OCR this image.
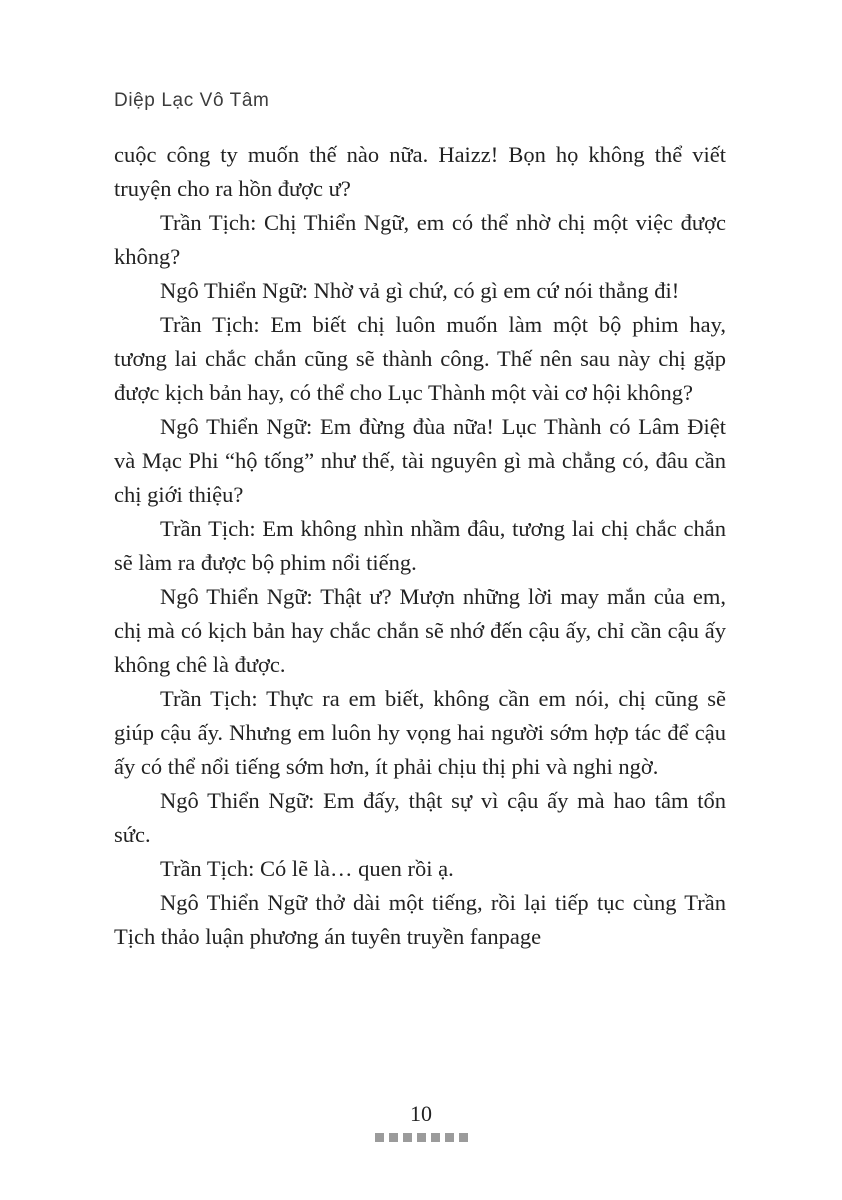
Diệp Lạc Vô Tâm

cuộc công ty muốn thế nào nữa. Haizz! Bọn họ không thể viết truyện cho ra hồn được ư?

Trần Tịch: Chị Thiển Ngữ, em có thể nhờ chị một việc được không?

Ngô Thiển Ngữ: Nhờ vả gì chứ, có gì em cứ nói thẳng đi!

Trần Tịch: Em biết chị luôn muốn làm một bộ phim hay, tương lai chắc chắn cũng sẽ thành công. Thế nên sau này chị gặp được kịch bản hay, có thể cho Lục Thành một vài cơ hội không?

Ngô Thiển Ngữ: Em đừng đùa nữa! Lục Thành có Lâm Điệt và Mạc Phi “hộ tống” như thế, tài nguyên gì mà chẳng có, đâu cần chị giới thiệu?

Trần Tịch: Em không nhìn nhầm đâu, tương lai chị chắc chắn sẽ làm ra được bộ phim nổi tiếng.

Ngô Thiển Ngữ: Thật ư? Mượn những lời may mắn của em, chị mà có kịch bản hay chắc chắn sẽ nhớ đến cậu ấy, chỉ cần cậu ấy không chê là được.

Trần Tịch: Thực ra em biết, không cần em nói, chị cũng sẽ giúp cậu ấy. Nhưng em luôn hy vọng hai người sớm hợp tác để cậu ấy có thể nổi tiếng sớm hơn, ít phải chịu thị phi và nghi ngờ.

Ngô Thiển Ngữ: Em đấy, thật sự vì cậu ấy mà hao tâm tổn sức.

Trần Tịch: Có lẽ là… quen rồi ạ.

Ngô Thiển Ngữ thở dài một tiếng, rồi lại tiếp tục cùng Trần Tịch thảo luận phương án tuyên truyền fanpage

10
